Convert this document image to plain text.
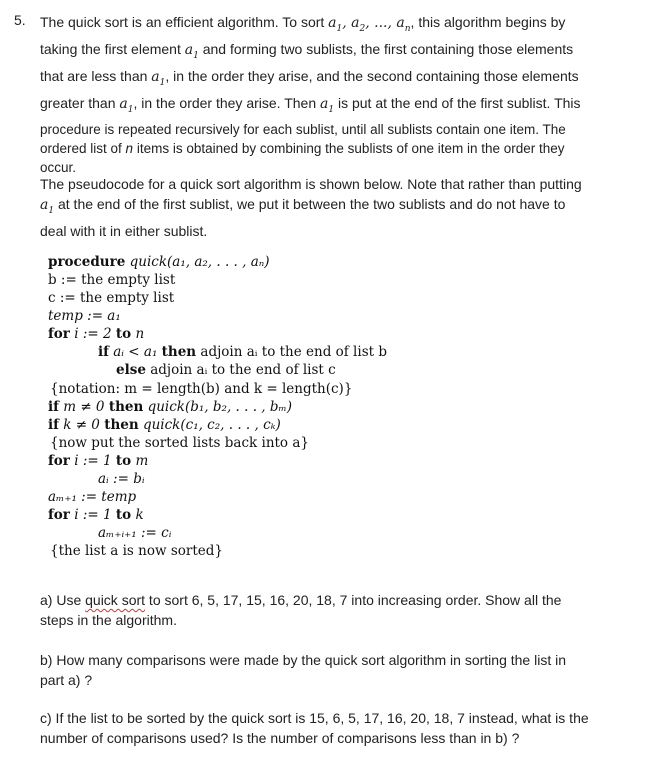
5. The quick sort is an efficient algorithm. To sort $a_1$, $a_2$, ..., $a_n$, this algorithm begins by
taking the first element $a_1$ and forming two sublists, the first containing those elements
that are less than $a_1$, in the order they arise, and the second containing those elements
greater than $a_1$, in the order they arise. Then $a_1$ is put at the end of the first sublist. This
procedure is repeated recursively for each sublist, until all sublists contain one item. The
ordered list of n items is obtained by combining the sublists of one item in the order they
occur.
The pseudocode for a quick sort algorithm is shown below. Note that rather than putting
$a_1$ at the end of the first sublist, we put it between the two sublists and do not have to
deal with it in either sublist.
procedure quick(a₁, a₂, . . . , aₙ)
b := the empty list
c := the empty list
temp := a₁
for i := 2 to n
if aᵢ < a₁ then adjoin aᵢ to the end of list b
else adjoin aᵢ to the end of list c
{notation: m = length(b) and k = length(c)}
if m ≠ 0 then quick(b₁, b₂, . . . , bₘ)
if k ≠ 0 then quick(c₁, c₂, . . . , cₖ)
{now put the sorted lists back into a}
for i := 1 to m
aᵢ := bᵢ
aₘ₊₁ := temp
for i := 1 to k
aₘ₊ᵢ₊₁ := cᵢ
{the list a is now sorted}
a) Use quick sort to sort 6, 5, 17, 15, 16, 20, 18, 7 into increasing order. Show all the
steps in the algorithm.
b) How many comparisons were made by the quick sort algorithm in sorting the list in
part a) ?
c) If the list to be sorted by the quick sort is 15, 6, 5, 17, 16, 20, 18, 7 instead, what is the
number of comparisons used? Is the number of comparisons less than in b) ?
